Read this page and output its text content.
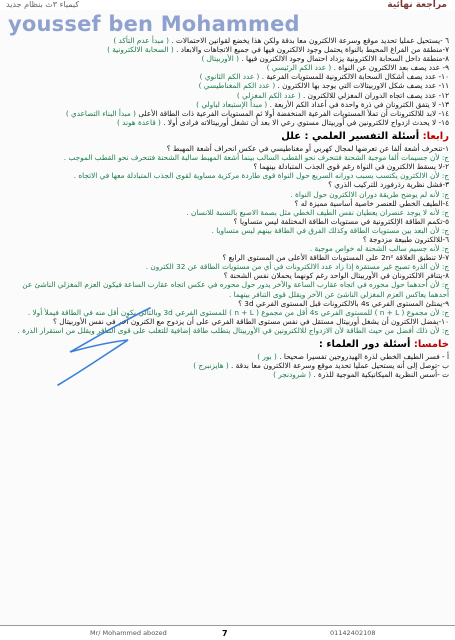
كيمياء ٣ث بنظام جديد	مراجعة نهائية
youssef ben Mohammed

٦ -يستحيل عمليا تحديد موقع وسرعة الالكترون معا بدقة ولكن هذا يخضع لقوانين الاحتمالات . ( مبدأ عدم التأكد )

٧-منطقة من الفراغ المحيط بالنواة يحتمل وجود الالكترون فيها في جميع الاتجاهات والابعاد . ( السحابة الالكترونية )

٨-منطقة داخل السحابة الالكترونية يزداد احتمال وجود الالكترون فيها . ( الأوربيتال )

٩- عدد يصف بعد الالكترون عن النواة . ( عدد الكم الرئيسي )

١٠- عدد يصف أشكال السحابة الالكترونية للمستويات الفرعية . ( عدد الكم الثانوي )

١١- عدد يصف شكل الاوربيتالات التي يوجد بها الالكترون . ( عدد الكم المغناطيسي )

١٢- عدد يصف اتجاه الدوران المغزلي للالكترون . ( عدد الكم المغزلي )

١٣- لا يتفق الكترونان في ذرة واحدة في أعداد الكم الأربعة . ( مبدأ الإستبعاد لباولي )

١٤- لابد للالكترونات أن تملأ المستويات الفرعية المنخفضة أولا ثم المستويات الفرعية ذات الطاقة الأعلى ( مبدأ البناء التصاعدي )

١٥- لا يحدث ازدواج لالكترونين في أوربيتال مستوي رعي الا بعد أن تشغل أوربيتالاته فرادى أولا . ( قاعدة هوند )

رابعا: أسئلة التفسير العلمي : علل

١-تنحرف أشعة ألفا عن تعرضها لمجال كهربي أو مغناطيسي في عكس انحراف أشعة المهبط ؟
ج: لأن جسيمات ألفا موجبة الشحنة فتنحرف نحو القطب السالب بينما أشعة المهبط سالبة الشحنة فتنحرف نحو القطب الموجب .

٢-لا يسقط الالكترون في النواة رغم قوى الجذب المتبادلة بينهما ؟
ج: لأن الالكترون يكتسب بسبب دورانه السريع حول النواة قوى طاردة مركزية مساوية لقوى الجذب المتبادلة معها في الاتجاه .

٣-فشل نظرية رذرفورد للتركيب الذري ؟
ج: لأنه لم يوضح طريقة دوران الالكترون حول النواة .

٤-الطيف الخطي للعنصر خاصية أساسية مميزة له ؟
ج: لأنه لا يوجد عنصران يعطيان نفس الطيف الخطي مثل بصمة الاصبع بالنسبة للانسان .

٥-تكمم الطاقة الإلكترونية في مستويات الطاقة المختلفة ليس متساويا ؟
ج: لأن البعد بين مستويات الطاقة وكذلك الفرق في الطاقة بينهم ليس متساويا .

٦-للالكترون طبيعة مزدوجة ؟
ج: لأنه جسيم سالب الشحنة له خواص موجية .

٧-لا تنطبق العلاقة 2n² على المستويات الطاقة الأعلى من المستوى الرابع ؟
ج: لأن الذرة تصبح غير مستقرة إذا زاد عدد الالكترونات في أي من مستويات الطاقة عن 32 الكترون .

٨-يتنافر الالكترونان في الأوربيتال الواحد رغم كونهما يحملان نفس الشحنة ؟
ج: لأن أحدهما حول محوره في اتجاه عقارب الساعة والآخر يدور حول محوره في عكس اتجاه عقارب الساعة فيكون العزم المغزلي الناشئ عن أحدهما يعاكس العزم المغزلي الناشئ عن الآخر ويقلل قوى التنافر بينهما .

٩-يمتلئ المستوى الفرعي 4s بالالكترونات قبل المستوى الفرعي 3d ؟
ج: لأن مجموع ( n + L ) للمستوى الفرعي 4s أقل من مجموع ( n + L ) للمستوى الفرعي 3d وبالتالي يكون أقل منه في الطاقة فيملأ أولا .

١٠-يفضل الالكترون أن يشغل أوربيتال مستقل في نفس مستوى الطاقة الفرعي على أن يزدوج مع الكترون آخر في نفس الأوربيتال ؟
ج: لأن ذلك أفضل من حيث الطاقة لأن الازدواج للالكترونين في الأوربيتال يتطلب طاقة إضافية للتغلب على قوى التنافر ويقلل من استقرار الذرة .

خامسا: أسئلة دور العلماء :

أ - فسر الطيف الخطي لذرة الهيدروجين تفسيرا صحيحا . ( بور )

ب -توصل إلى أنه يستحيل عمليا تحديد موقع وسرعة الالكترون معا بدقة . ( هايزنبرج )

ت -أسس النظرية الميكانيكية الموجية للذرة . ( شرودنجر )

Mr/ Mohammed abozed	7	01142402108
